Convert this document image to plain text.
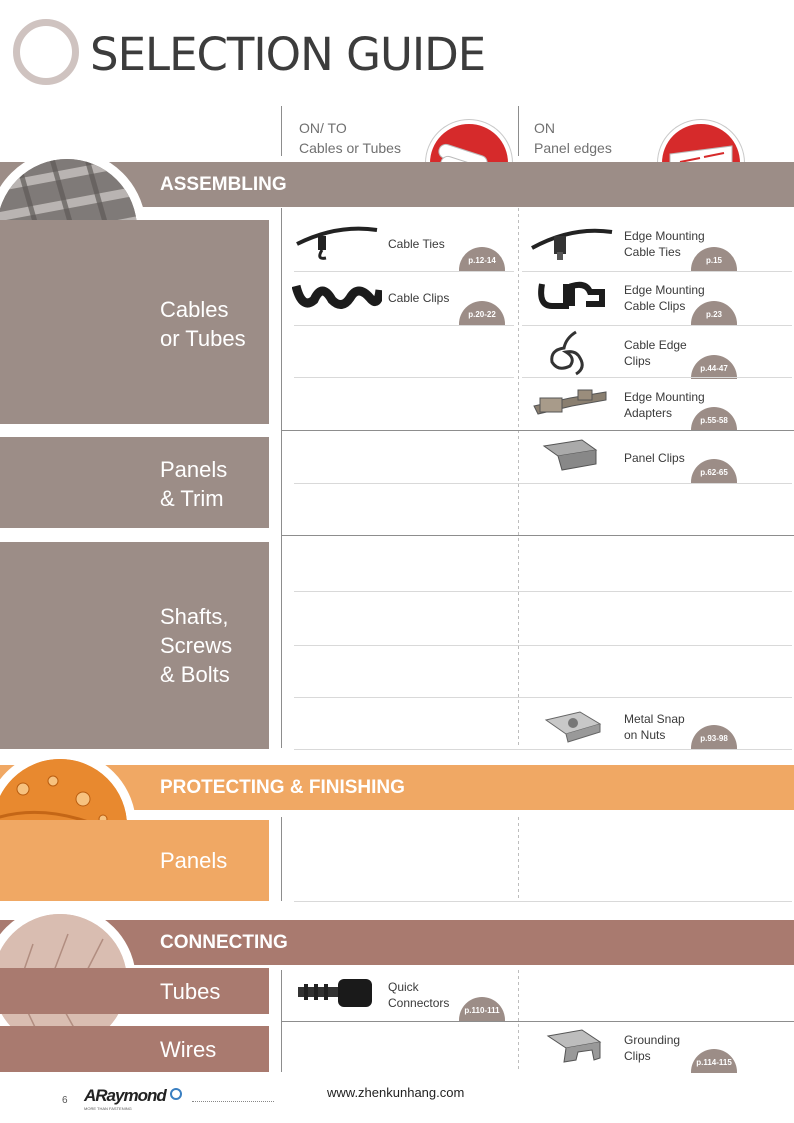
SELECTION GUIDE
ON/ TO
Cables or Tubes
ON
Panel edges
ASSEMBLING
Cables
or Tubes
Cable Ties
p.12-14
Cable Clips
p.20-22
Edge Mounting
Cable Ties
p.15
Edge Mounting
Cable Clips
p.23
Cable Edge
Clips
p.44-47
Edge Mounting
Adapters
p.55-58
Panels
& Trim
Panel Clips
p.62-65
Shafts,
Screws
& Bolts
Metal Snap
on Nuts	p.93-98
PROTECTING & FINISHING
Panels
CONNECTING
Tubes
Wires
Quick
Connectors
p.110-111
Grounding
Clips	p.114-115
6 ARaymond
MORE THAN FASTENING
www.zhenkunhang.com
